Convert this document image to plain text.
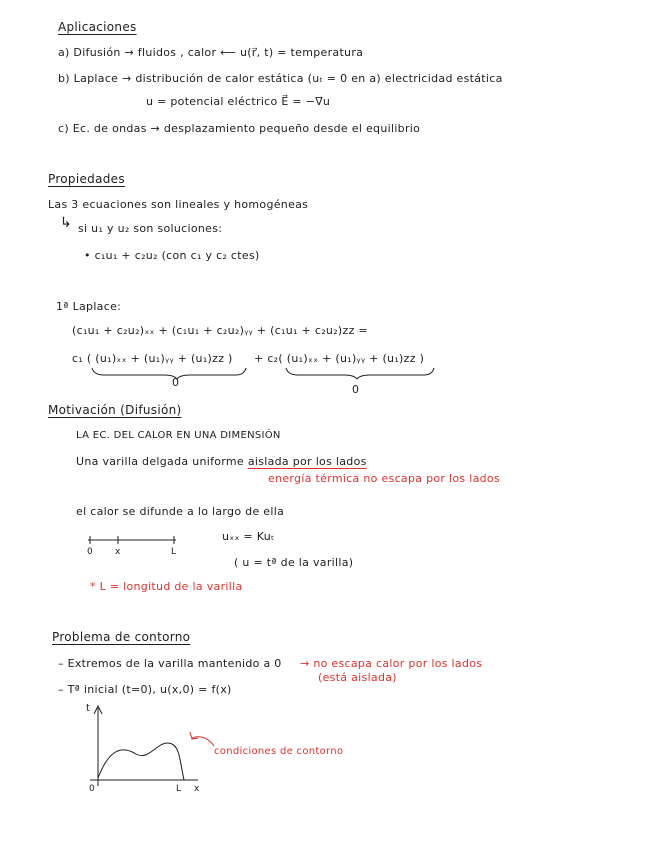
Aplicaciones
a) Difusión → fluidos , calor ⟵ u(r⃗, t) = temperatura
b) Laplace → distribución de calor estática (uₜ = 0 en a) electricidad estática
u = potencial eléctrico E⃗ = −∇⃗u
c) Ec. de ondas → desplazamiento pequeño desde el equilibrio
Propiedades
Las 3 ecuaciones son lineales y homogéneas
↳ si u₁ y u₂ son soluciones:
• c₁u₁ + c₂u₂ (con c₁ y c₂ ctes)
1ª Laplace:
(c₁u₁ + c₂u₂)ₓₓ + (c₁u₁ + c₂u₂)ᵧᵧ + (c₁u₁ + c₂u₂)zz =
c₁ ( (u₁)ₓₓ + (u₁)ᵧᵧ + (u₁)zz ) + c₂( (u₁)ₓₓ + (u₁)ᵧᵧ + (u₁)zz )
0
0
Motivación (Difusión)
LA EC. DEL CALOR EN UNA DIMENSIÓN
Una varilla delgada uniforme aislada por los lados
energía térmica no escapa por los lados
el calor se difunde a lo largo de ella
0 x	L
uₓₓ = Kuₜ
( u = tª de la varilla)
* L = longitud de la varilla
Problema de contorno
– Extremos de la varilla mantenido a 0 → no escapa calor por los lados
(está aislada)
– Tª inicial (t=0), u(x,0) = f(x)
t
0	L x
condiciones de contorno
